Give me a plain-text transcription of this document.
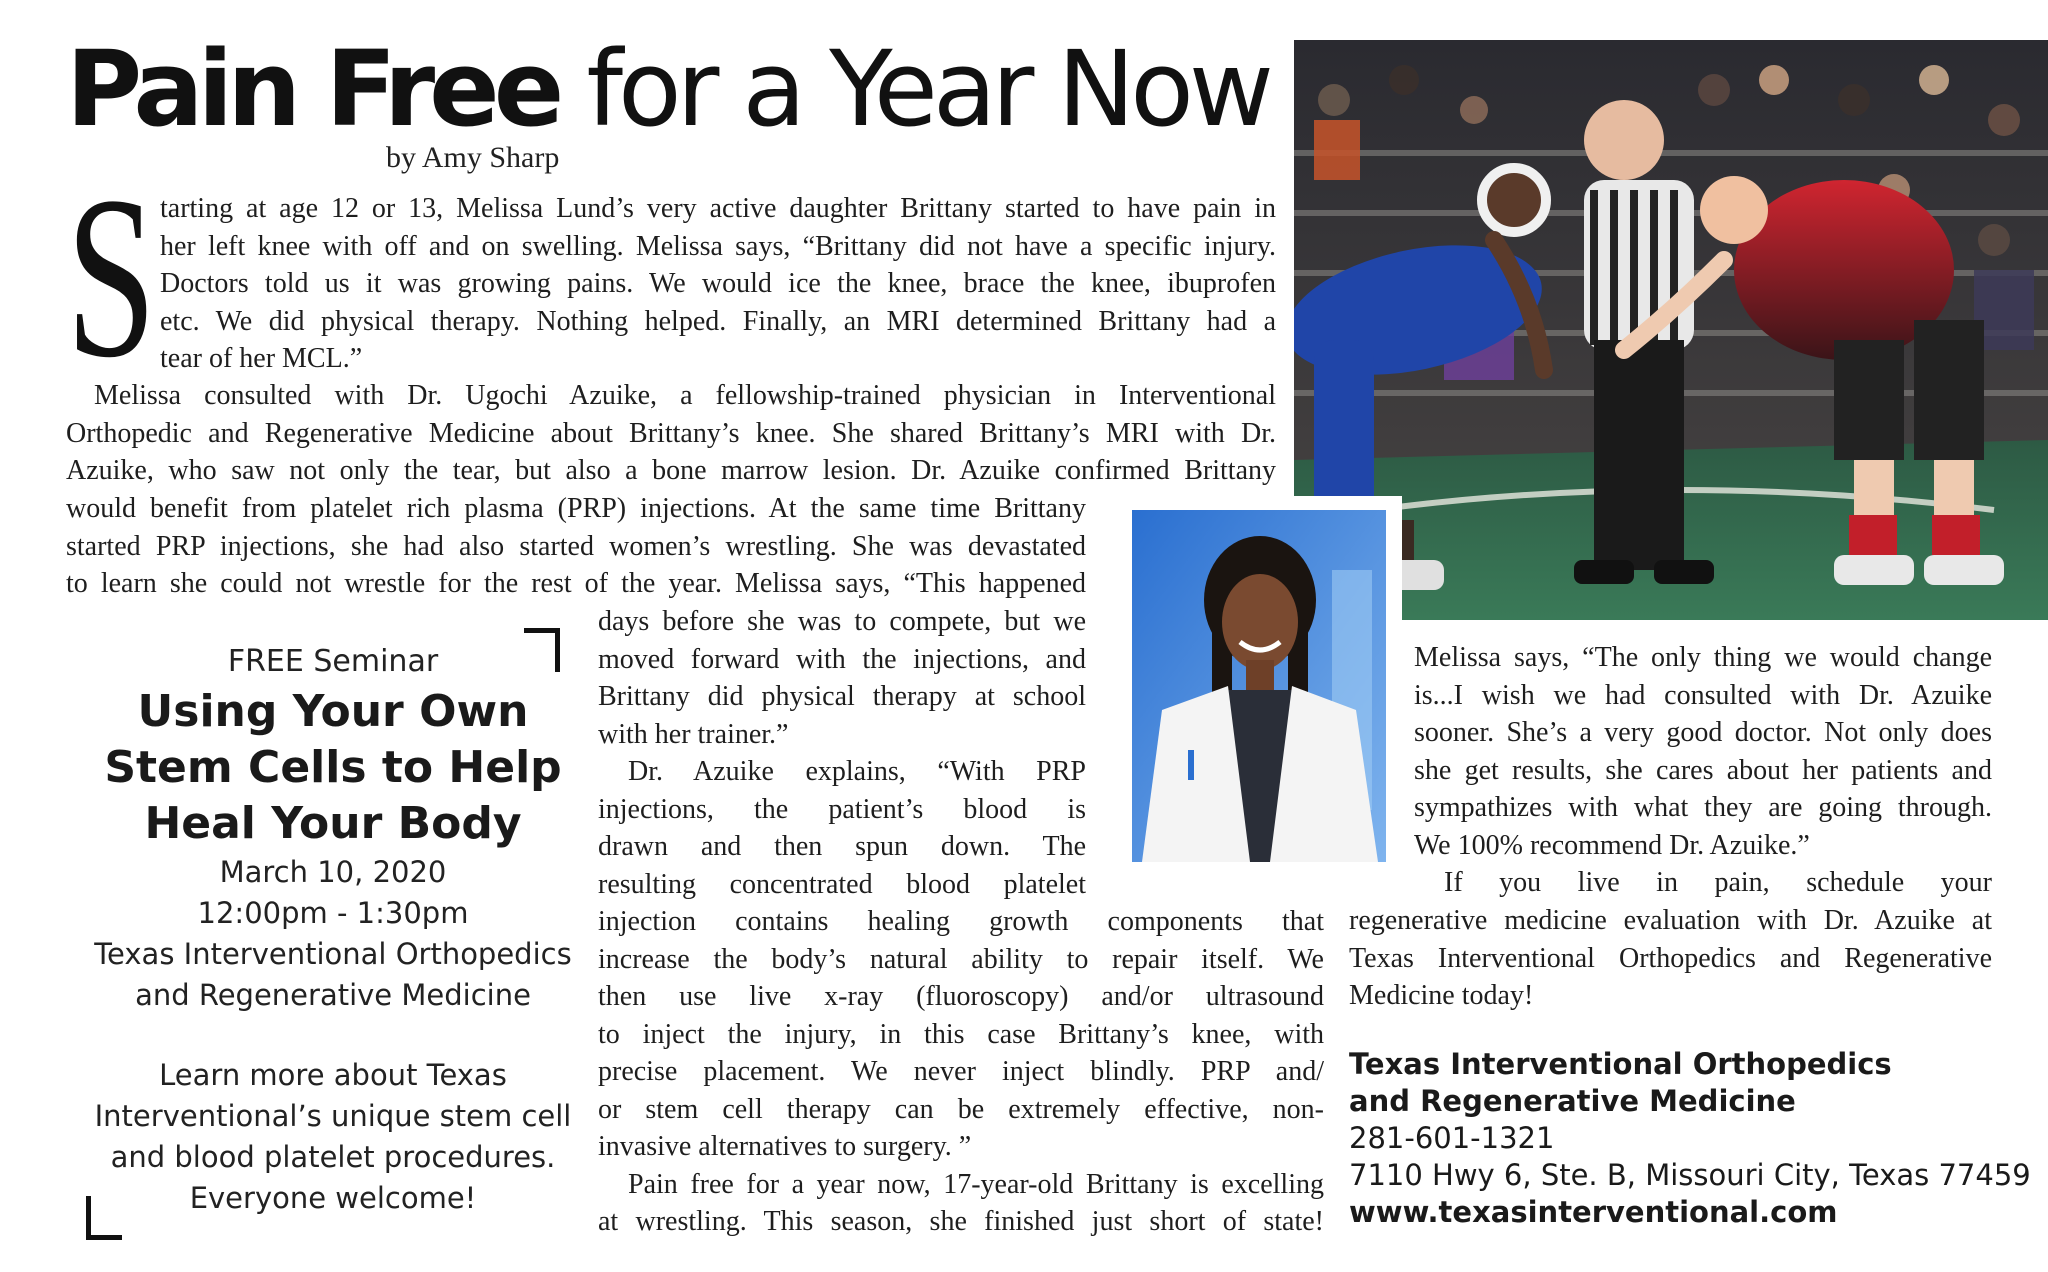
Pain Free for a Year Now
by Amy Sharp
S tarting at age 12 or 13, Melissa Lund’s very active daughter Brittany started to have pain in
her left knee with off and on swelling. Melissa says, “Brittany did not have a specific injury.
Doctors told us it was growing pains. We would ice the knee, brace the knee, ibuprofen
etc. We did physical therapy. Nothing helped. Finally, an MRI determined Brittany had a
tear of her MCL.”
Melissa consulted with Dr. Ugochi Azuike, a fellowship-trained physician in Interventional
Orthopedic and Regenerative Medicine about Brittany’s knee. She shared Brittany’s MRI with Dr.
Azuike, who saw not only the tear, but also a bone marrow lesion. Dr. Azuike confirmed Brittany
would benefit from platelet rich plasma (PRP) injections. At the same time Brittany
started PRP injections, she had also started women’s wrestling. She was devastated
to learn she could not wrestle for the rest of the year. Melissa says, “This happened
days before she was to compete, but we
moved forward with the injections, and
Brittany did physical therapy at school
with her trainer.”
Dr. Azuike explains, “With PRP
injections, the patient’s blood is
drawn and then spun down. The
resulting concentrated blood platelet
injection contains healing growth components that
increase the body’s natural ability to repair itself. We
then use live x-ray (fluoroscopy) and/or ultrasound
to inject the injury, in this case Brittany’s knee, with
precise placement. We never inject blindly. PRP and/
or stem cell therapy can be extremely effective, non-
invasive alternatives to surgery. ”
Pain free for a year now, 17-year-old Brittany is excelling
at wrestling. This season, she finished just short of state!
Melissa says, “The only thing we would change
is...I wish we had consulted with Dr. Azuike
sooner. She’s a very good doctor. Not only does
she get results, she cares about her patients and
sympathizes with what they are going through.
We 100% recommend Dr. Azuike.”
If you live in pain, schedule your
regenerative medicine evaluation with Dr. Azuike at
Texas Interventional Orthopedics and Regenerative
Medicine today!
FREE Seminar
Using Your Own
Stem Cells to Help
Heal Your Body
March 10, 2020
12:00pm - 1:30pm
Texas Interventional Orthopedics
and Regenerative Medicine
Learn more about Texas
Interventional’s unique stem cell
and blood platelet procedures.
Everyone welcome!
Texas Interventional Orthopedics
and Regenerative Medicine
281-601-1321
7110 Hwy 6, Ste. B, Missouri City, Texas 77459
www.texasinterventional.com
